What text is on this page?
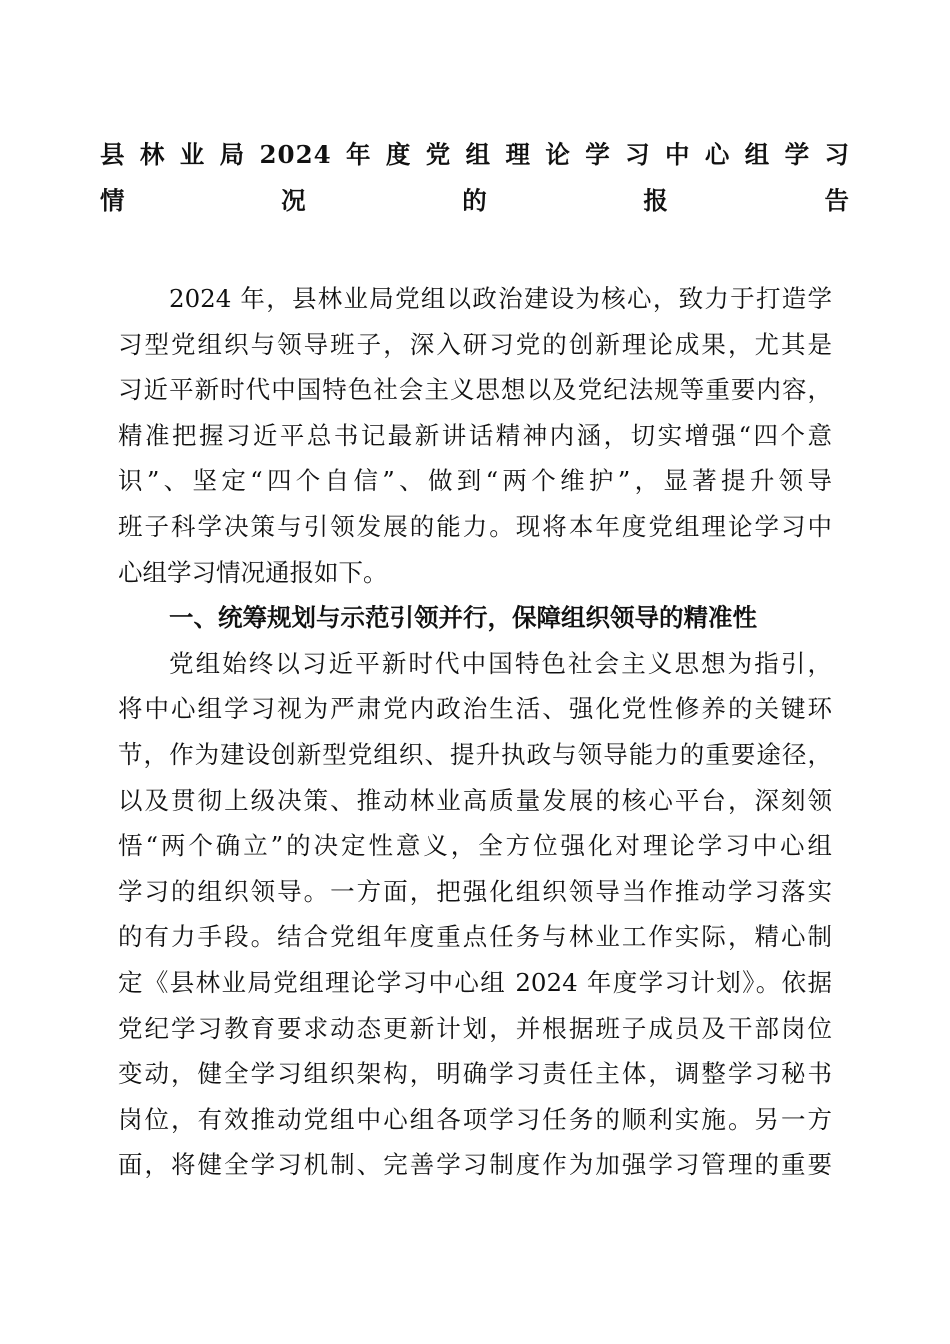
县林业局2024年度党组理论学习中心组学习
情况的报告
2024 年，县林业局党组以政治建设为核心，致力于打造学
习型党组织与领导班子，深入研习党的创新理论成果，尤其是
习近平新时代中国特色社会主义思想以及党纪法规等重要内容，
精准把握习近平总书记最新讲话精神内涵，切实增强“四个意
识”、坚定“四个自信”、做到“两个维护”，显著提升领导
班子科学决策与引领发展的能力。现将本年度党组理论学习中
心组学习情况通报如下。
一、统筹规划与示范引领并行，保障组织领导的精准性
党组始终以习近平新时代中国特色社会主义思想为指引，
将中心组学习视为严肃党内政治生活、强化党性修养的关键环
节，作为建设创新型党组织、提升执政与领导能力的重要途径，
以及贯彻上级决策、推动林业高质量发展的核心平台，深刻领
悟“两个确立”的决定性意义，全方位强化对理论学习中心组
学习的组织领导。一方面，把强化组织领导当作推动学习落实
的有力手段。结合党组年度重点任务与林业工作实际，精心制
定《县林业局党组理论学习中心组 2024 年度学习计划》。依据
党纪学习教育要求动态更新计划，并根据班子成员及干部岗位
变动，健全学习组织架构，明确学习责任主体，调整学习秘书
岗位，有效推动党组中心组各项学习任务的顺利实施。另一方
面，将健全学习机制、完善学习制度作为加强学习管理的重要
